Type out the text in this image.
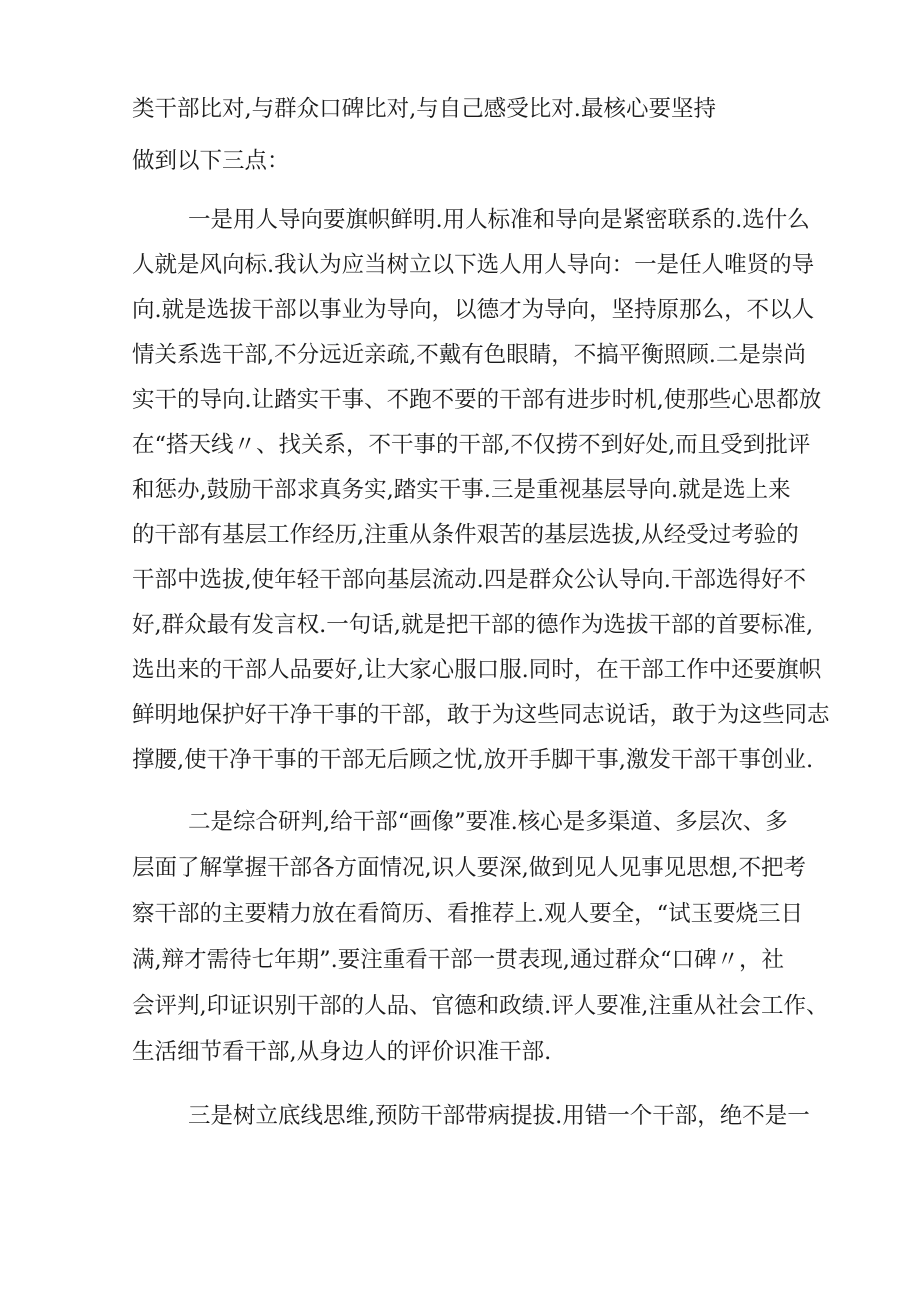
类干部比对,与群众口碑比对,与自己感受比对.最核心要坚持
做到以下三点：
一是用人导向要旗帜鲜明.用人标准和导向是紧密联系的.选什么
人就是风向标.我认为应当树立以下选人用人导向：一是任人唯贤的导
向.就是选拔干部以事业为导向，以德才为导向，坚持原那么，不以人
情关系选干部,不分远近亲疏,不戴有色眼睛，不搞平衡照顾.二是崇尚
实干的导向.让踏实干事、不跑不要的干部有进步时机,使那些心思都放
在“搭天线〃、找关系，不干事的干部,不仅捞不到好处,而且受到批评
和惩办,鼓励干部求真务实,踏实干事.三是重视基层导向.就是选上来
的干部有基层工作经历,注重从条件艰苦的基层选拔,从经受过考验的
干部中选拔,使年轻干部向基层流动.四是群众公认导向.干部选得好不
好,群众最有发言权.一句话,就是把干部的德作为选拔干部的首要标准,
选出来的干部人品要好,让大家心服口服.同时，在干部工作中还要旗帜
鲜明地保护好干净干事的干部，敢于为这些同志说话，敢于为这些同志
撑腰,使干净干事的干部无后顾之忧,放开手脚干事,激发干部干事创业.
二是综合研判,给干部“画像”要准.核心是多渠道、多层次、多
层面了解掌握干部各方面情况,识人要深,做到见人见事见思想,不把考
察干部的主要精力放在看简历、看推荐上.观人要全，“试玉要烧三日
满,辩才需待七年期”.要注重看干部一贯表现,通过群众“口碑〃，社
会评判,印证识别干部的人品、官德和政绩.评人要准,注重从社会工作、
生活细节看干部,从身边人的评价识准干部.
三是树立底线思维,预防干部带病提拔.用错一个干部，绝不是一
